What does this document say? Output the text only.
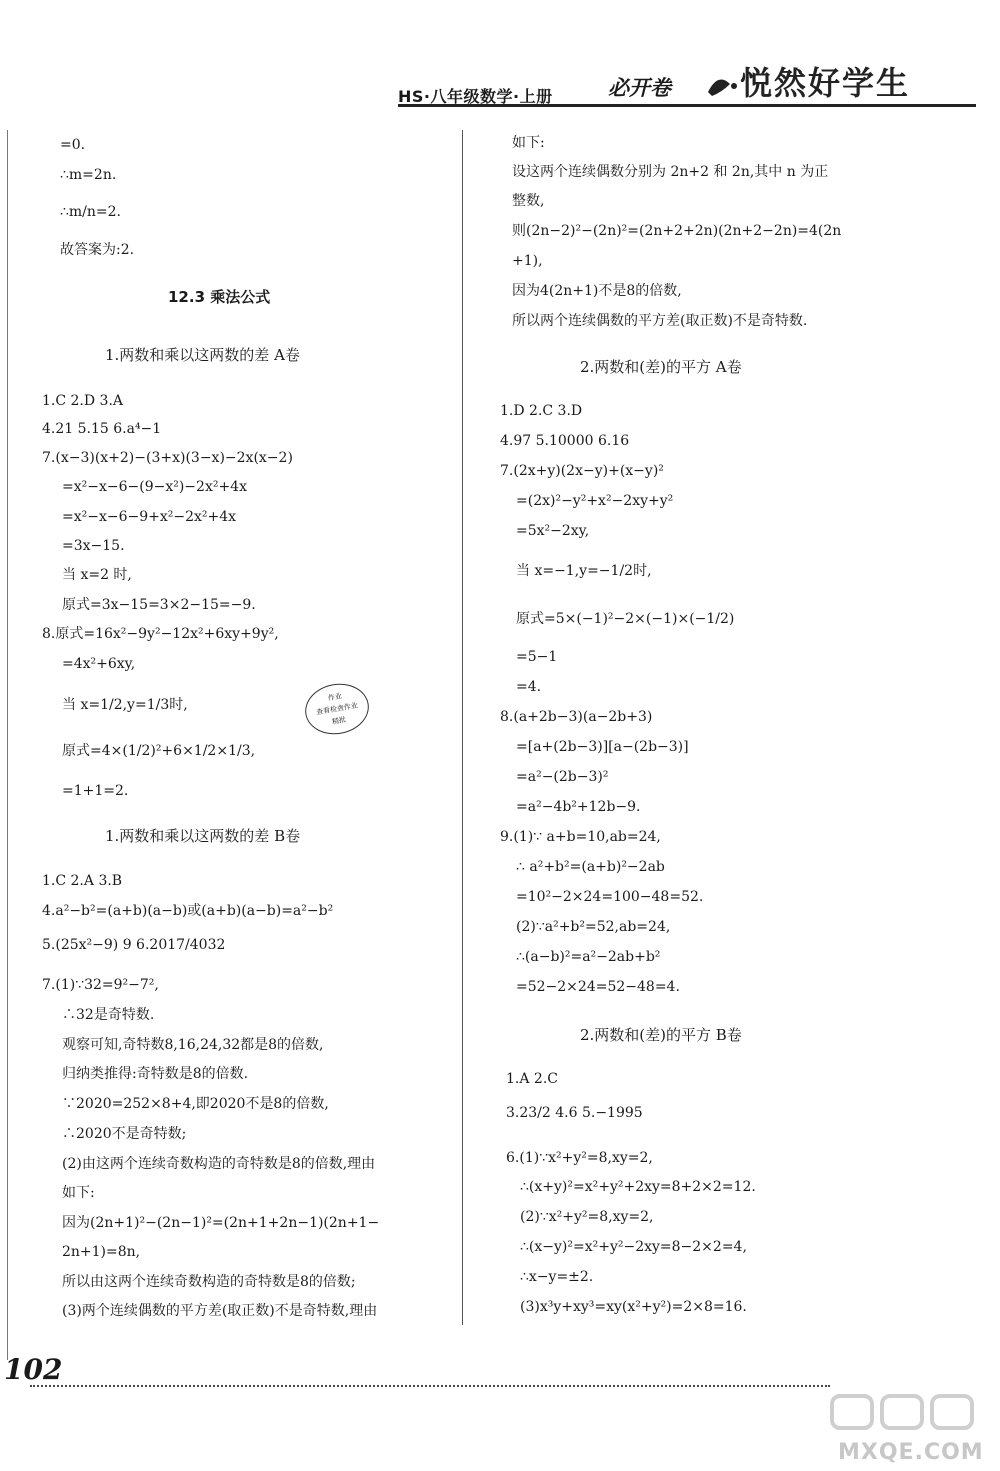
HS·八年级数学·上册	必开卷 悦然好学生
=0.
∴m=2n.
∴m/n=2.
故答案为:2.
12.3 乘法公式
1.两数和乘以这两数的差 A卷
1.C 2.D 3.A
4.21 5.15 6.a⁴−1
7.(x−3)(x+2)−(3+x)(3−x)−2x(x−2)
=x²−x−6−(9−x²)−2x²+4x
=x²−x−6−9+x²−2x²+4x
=3x−15.
当 x=2 时,
原式=3x−15=3×2−15=−9.
8.原式=16x²−9y²−12x²+6xy+9y²,
=4x²+6xy,
当 x=1/2,y=1/3时,
原式=4×(1/2)²+6×1/2×1/3,
=1+1=2.
1.两数和乘以这两数的差 B卷
1.C 2.A 3.B
4.a²−b²=(a+b)(a−b)或(a+b)(a−b)=a²−b²
5.(25x²−9) 9 6.2017/4032
7.(1)∵32=9²−7²,
∴32是奇特数.
观察可知,奇特数8,16,24,32都是8的倍数,
归纳类推得:奇特数是8的倍数.
∵2020=252×8+4,即2020不是8的倍数,
∴2020不是奇特数;
(2)由这两个连续奇数构造的奇特数是8的倍数,理由
如下:
因为(2n+1)²−(2n−1)²=(2n+1+2n−1)(2n+1−
2n+1)=8n,
所以由这两个连续奇数构造的奇特数是8的倍数;
(3)两个连续偶数的平方差(取正数)不是奇特数,理由
作业
查看检查作业
精批
如下:
设这两个连续偶数分别为 2n+2 和 2n,其中 n 为正
整数,
则(2n−2)²−(2n)²=(2n+2+2n)(2n+2−2n)=4(2n
+1),
因为4(2n+1)不是8的倍数,
所以两个连续偶数的平方差(取正数)不是奇特数.
2.两数和(差)的平方 A卷
1.D 2.C 3.D
4.97 5.10000 6.16
7.(2x+y)(2x−y)+(x−y)²
=(2x)²−y²+x²−2xy+y²
=5x²−2xy,
当 x=−1,y=−1/2时,
原式=5×(−1)²−2×(−1)×(−1/2)
=5−1
=4.
8.(a+2b−3)(a−2b+3)
=[a+(2b−3)][a−(2b−3)]
=a²−(2b−3)²
=a²−4b²+12b−9.
9.(1)∵ a+b=10,ab=24,
∴ a²+b²=(a+b)²−2ab
=10²−2×24=100−48=52.
(2)∵a²+b²=52,ab=24,
∴(a−b)²=a²−2ab+b²
=52−2×24=52−48=4.
2.两数和(差)的平方 B卷
1.A 2.C
3.23/2 4.6 5.−1995
6.(1)∵x²+y²=8,xy=2,
∴(x+y)²=x²+y²+2xy=8+2×2=12.
(2)∵x²+y²=8,xy=2,
∴(x−y)²=x²+y²−2xy=8−2×2=4,
∴x−y=±2.
(3)x³y+xy³=xy(x²+y²)=2×8=16.
102
MXQE.COM
